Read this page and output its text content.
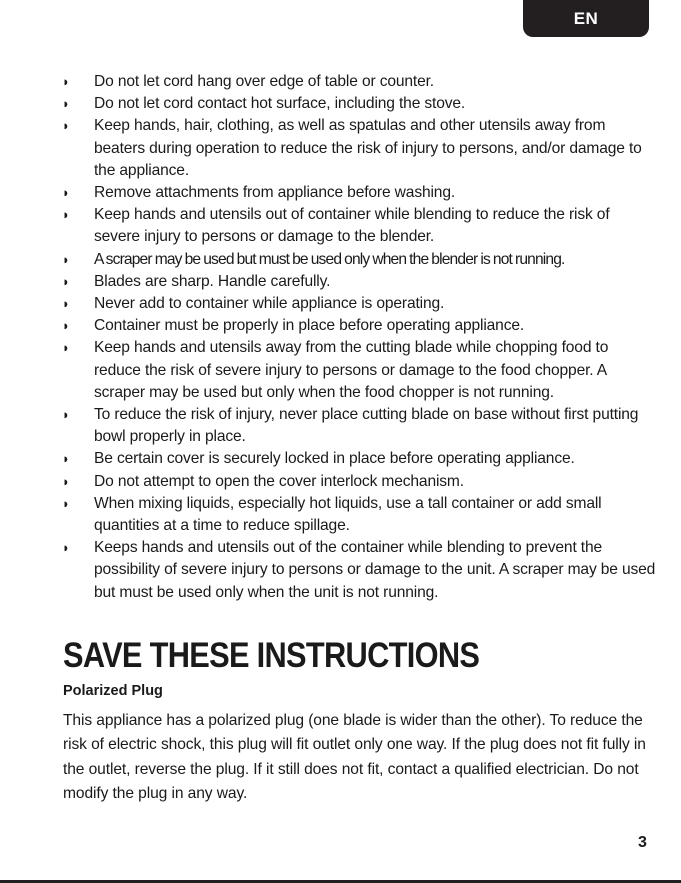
EN
◗ Do not let cord hang over edge of table or counter.
◗ Do not let cord contact hot surface, including the stove.
◗ Keep hands, hair, clothing, as well as spatulas and other utensils away from beaters during operation to reduce the risk of injury to persons, and/or damage to the appliance.
◗ Remove attachments from appliance before washing.
◗ Keep hands and utensils out of container while blending to reduce the risk of severe injury to persons or damage to the blender.
◗ A scraper may be used but must be used only when the blender is not running.
◗ Blades are sharp. Handle carefully.
◗ Never add to container while appliance is operating.
◗ Container must be properly in place before operating appliance.
◗ Keep hands and utensils away from the cutting blade while chopping food to reduce the risk of severe injury to persons or damage to the food chopper. A scraper may be used but only when the food chopper is not running.
◗ To reduce the risk of injury, never place cutting blade on base without first putting bowl properly in place.
◗ Be certain cover is securely locked in place before operating appliance.
◗ Do not attempt to open the cover interlock mechanism.
◗ When mixing liquids, especially hot liquids, use a tall container or add small quantities at a time to reduce spillage.
◗ Keeps hands and utensils out of the container while blending to prevent the possibility of severe injury to persons or damage to the unit. A scraper may be used but must be used only when the unit is not running.
SAVE THESE INSTRUCTIONS
Polarized Plug

This appliance has a polarized plug (one blade is wider than the other). To reduce the risk of electric shock, this plug will fit outlet only one way. If the plug does not fit fully in the outlet, reverse the plug. If it still does not fit, contact a qualified electrician. Do not modify the plug in any way.

3
